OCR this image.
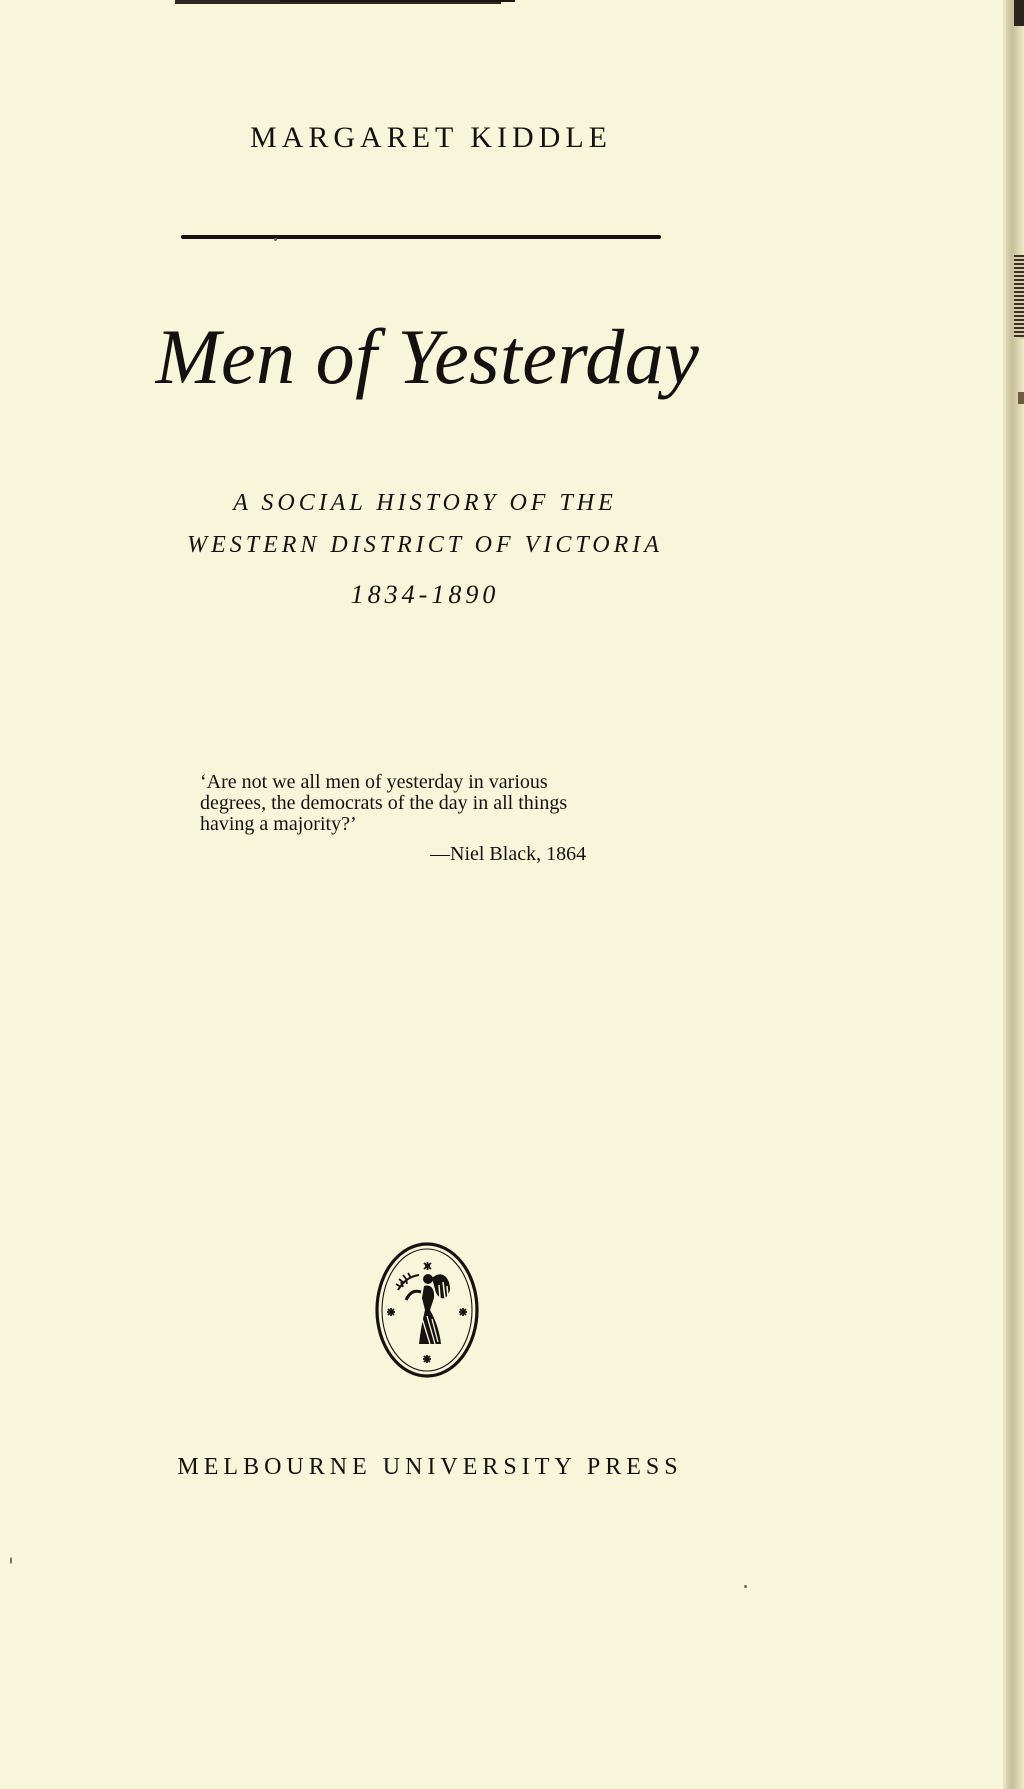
MARGARET KIDDLE
Men of Yesterday
A SOCIAL HISTORY OF THE
WESTERN DISTRICT OF VICTORIA
1834-1890
‘Are not we all men of yesterday in various
degrees, the democrats of the day in all things
having a majority?’
—Niel Black, 1864
MELBOURNE UNIVERSITY PRESS
